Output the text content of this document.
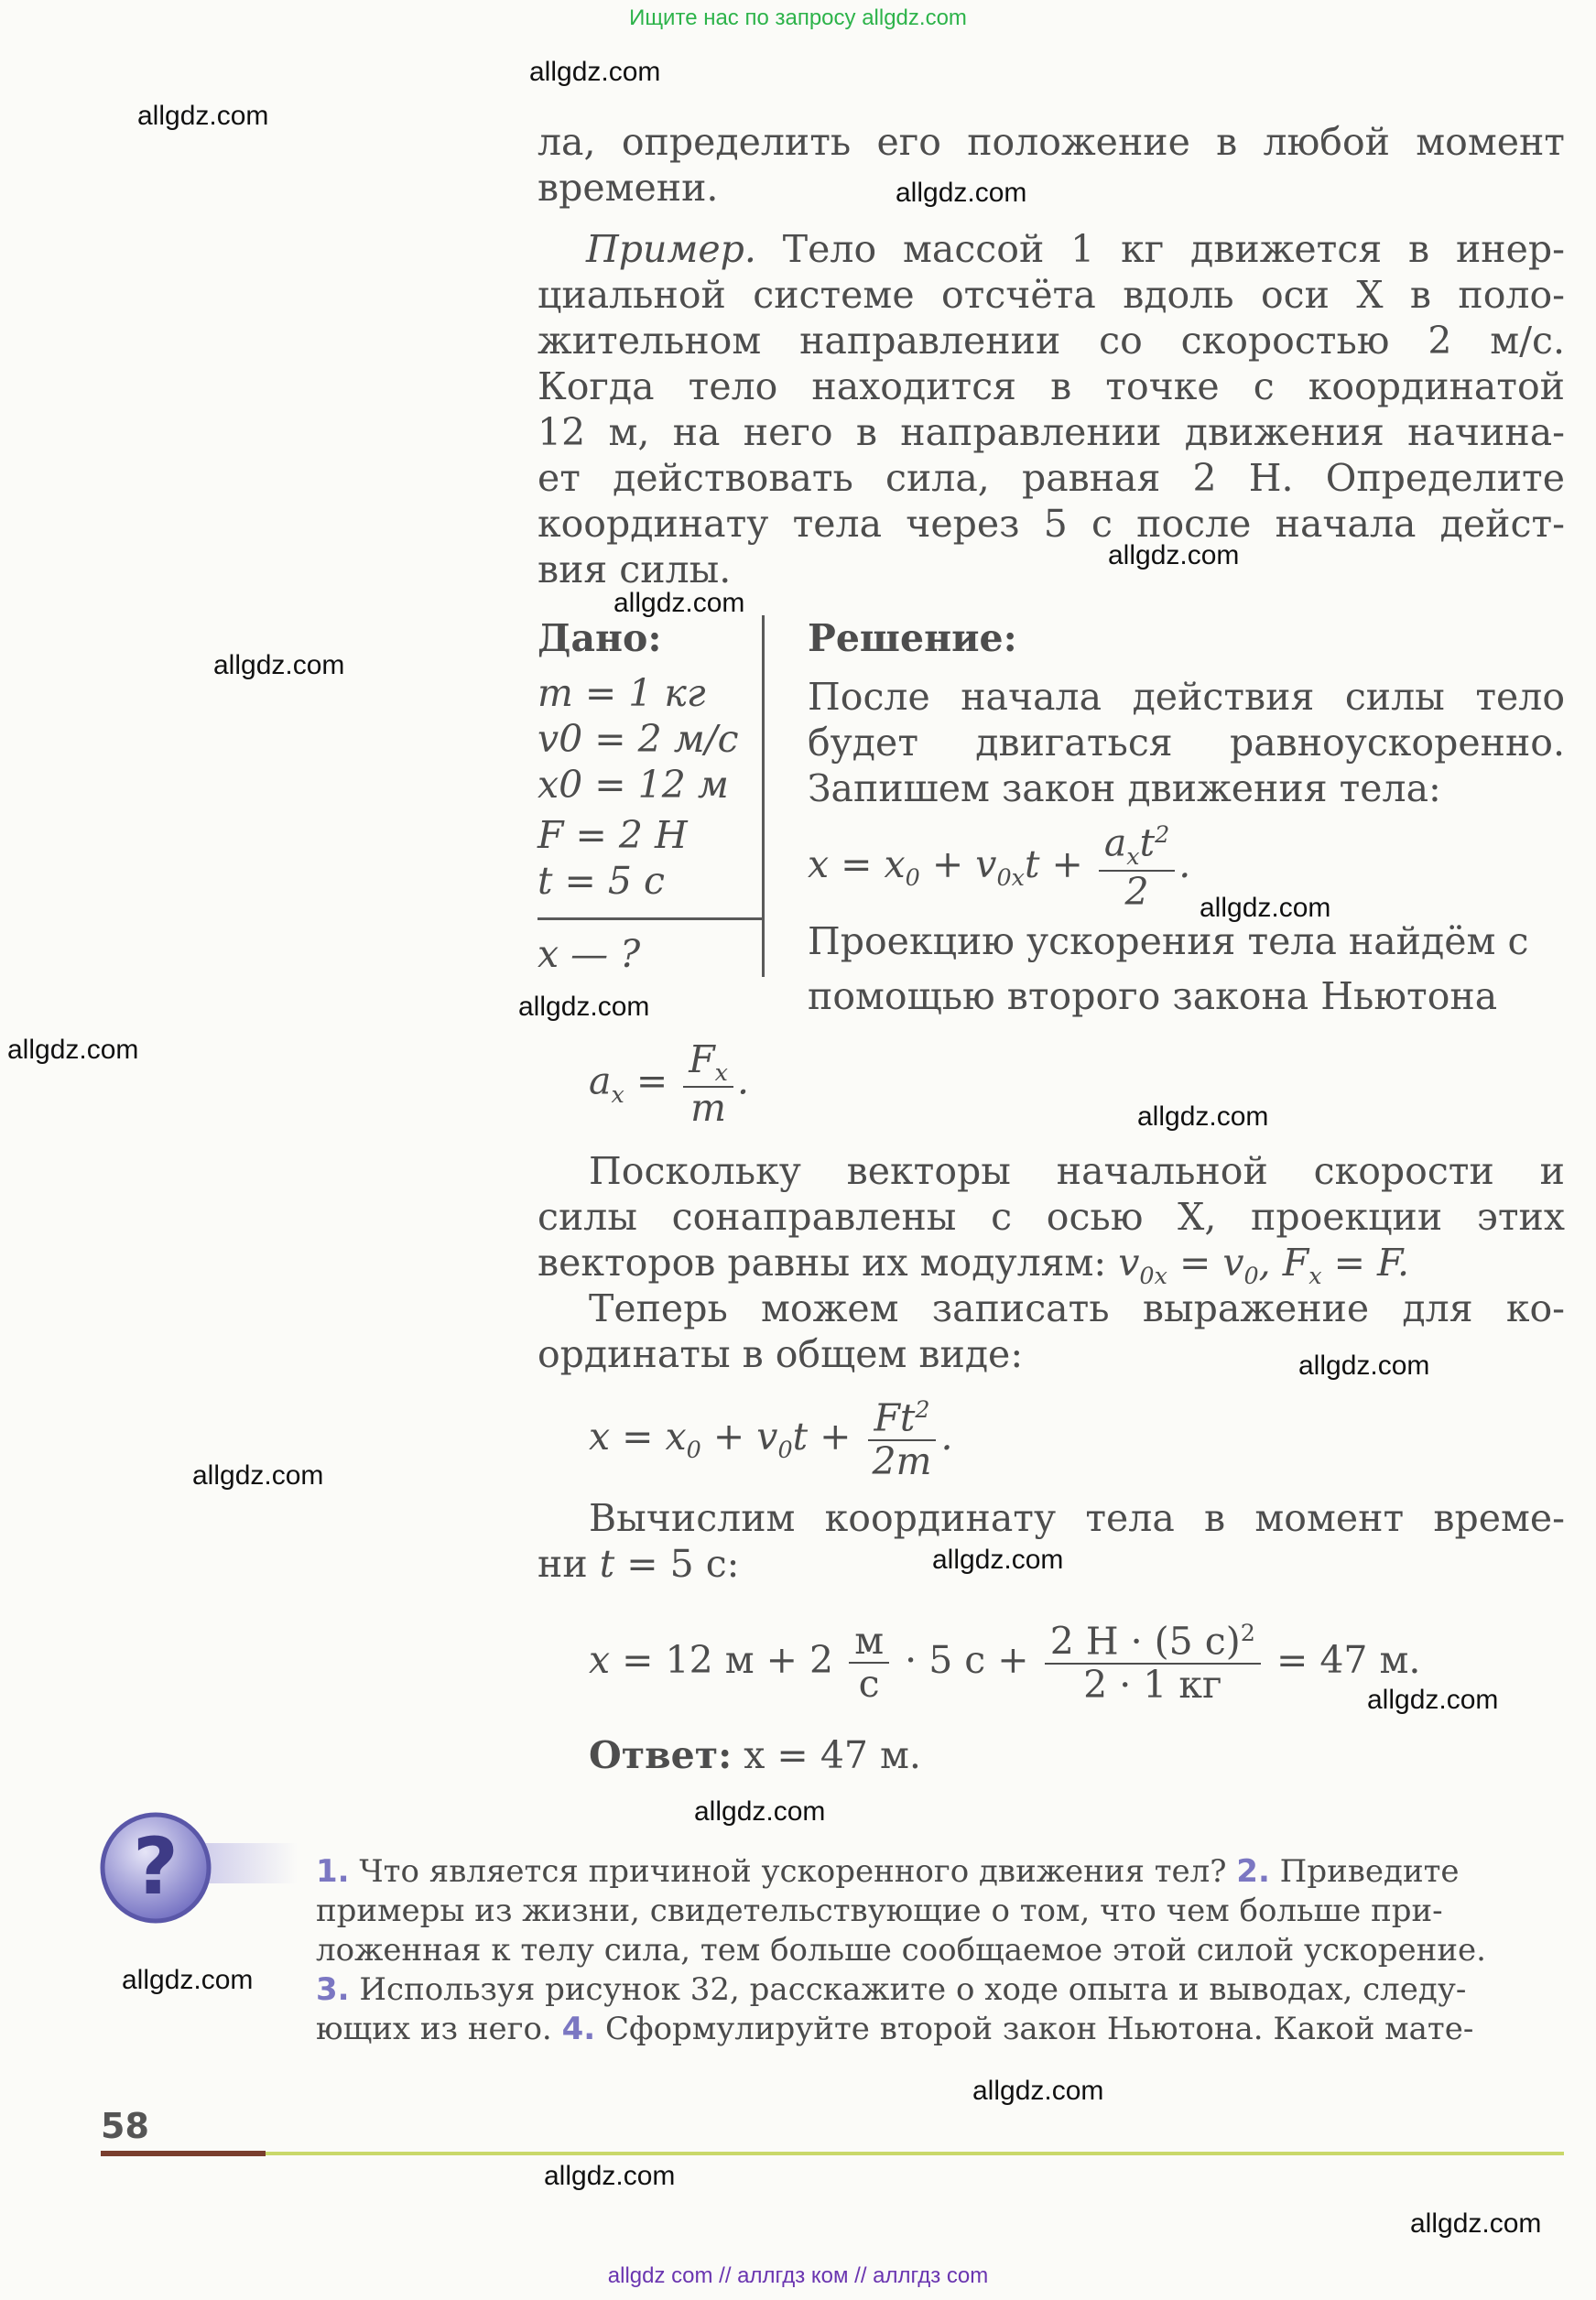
Ищите нас по запросу allgdz.com
allgdz com // аллгдз ком // аллгдз com
allgdz.com
allgdz.com
allgdz.com
allgdz.com
allgdz.com
allgdz.com
allgdz.com
allgdz.com
allgdz.com
allgdz.com
allgdz.com
allgdz.com
allgdz.com
allgdz.com
allgdz.com
allgdz.com
allgdz.com
allgdz.com
allgdz.com
ла, определить его положение в любой момент
времени.
Пример. Тело массой 1 кг движется в инер-
циальной системе отсчёта вдоль оси X в поло-
жительном направлении со скоростью 2 м/с.
Когда тело находится в точке с координатой
12 м, на него в направлении движения начина-
ет действовать сила, равная 2 Н. Определите
координату тела через 5 с после начала дейст-
вия силы.
Дано:
m = 1 кг
v0 = 2 м/с
x0 = 12 м
F = 2 Н
t = 5 с
x — ?
Решение:
После начала действия силы тело
будет двигаться равноускоренно.
Запишем закон движения тела:
$x = x_0 + v_{0x}t + \frac{a_xt^2}{2}$ .
Проекцию ускорения тела найдём с
помощью второго закона Ньютона
$a_x = \frac{F_x}{m}$ .
Поскольку векторы начальной скорости и
силы сонаправлены с осью X, проекции этих
векторов равны их модулям: $v_{0x} = v_0$, $F_x = F$.
Теперь можем записать выражение для ко-
ординаты в общем виде:
$x = x_0 + v_0t + \frac{Ft^2}{2m}$ .
Вычислим координату тела в момент време-
ни t = 5 с:
x = 12 $м + 2 \frac{м}{с} \cdot 5$ $с + \frac{2 Н \cdot (5 с)^2}{2 \cdot 1 кг} = 47$ м.
Ответ: x = 47 м.
?	1. Что является причиной ускоренного движения тел? 2. Приведите
примеры из жизни, свидетельствующие о том, что чем больше при-
ложенная к телу сила, тем больше сообщаемое этой силой ускорение.
3. Используя рисунок 32, расскажите о ходе опыта и выводах, следу-
ющих из него. 4. Сформулируйте второй закон Ньютона. Какой мате-
58
